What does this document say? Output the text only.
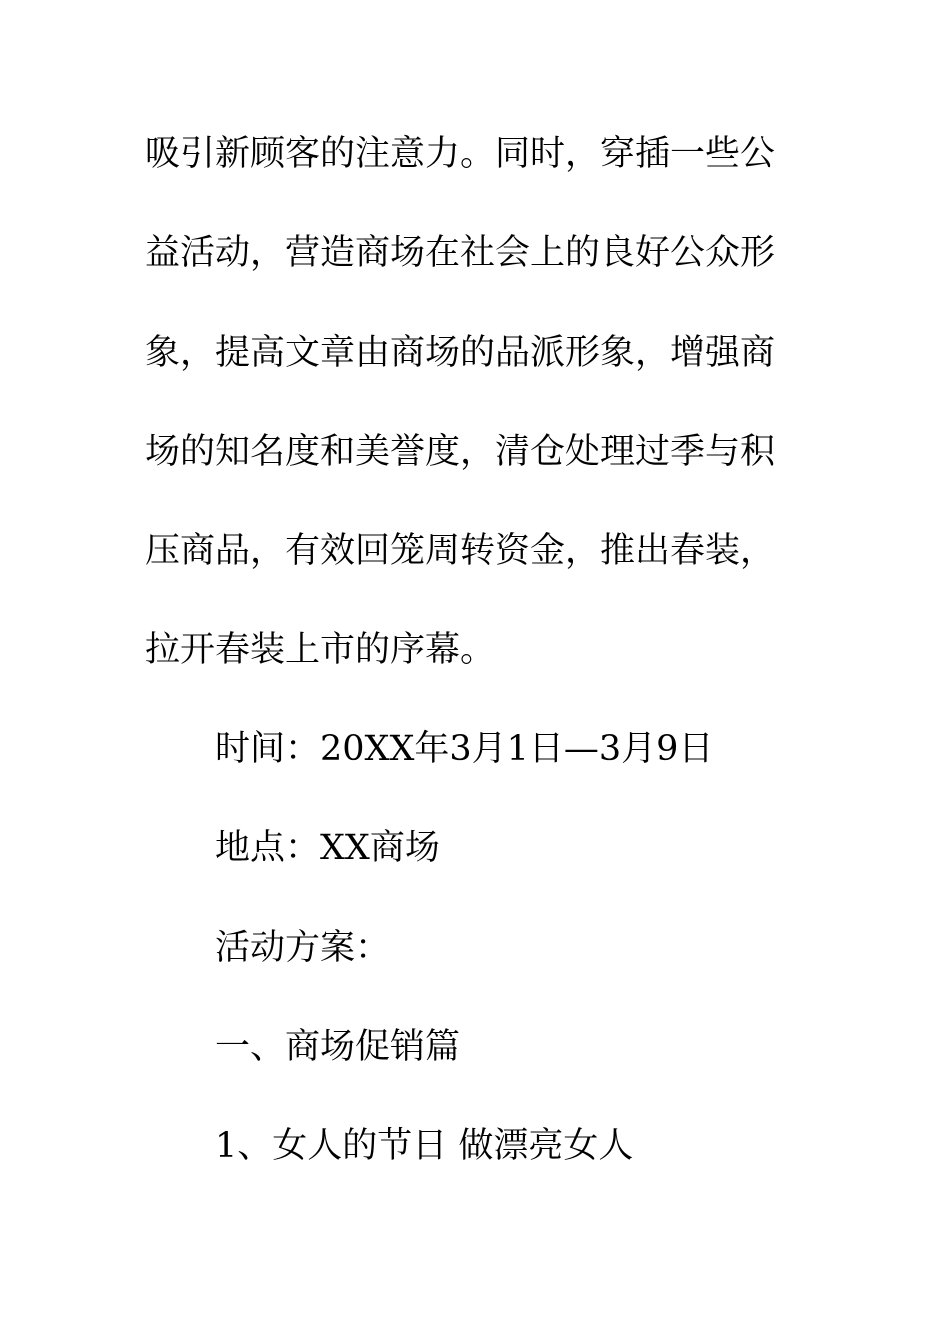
吸引新顾客的注意力。同时，穿插一些公

益活动，营造商场在社会上的良好公众形

象，提高文章由商场的品派形象，增强商

场的知名度和美誉度，清仓处理过季与积

压商品，有效回笼周转资金，推出春装，

拉开春装上市的序幕。

时间：20XX年3月1日—3月9日

地点：XX商场

活动方案：

一、商场促销篇

1、女人的节日 做漂亮女人
